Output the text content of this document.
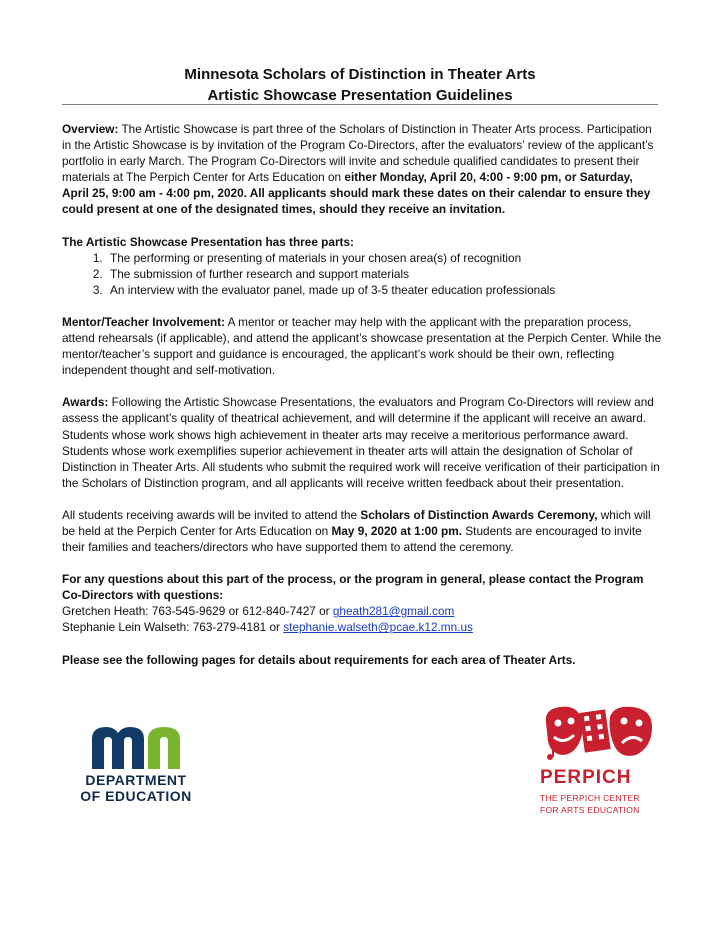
Minnesota Scholars of Distinction in Theater Arts

Artistic Showcase Presentation Guidelines

Overview: The Artistic Showcase is part three of the Scholars of Distinction in Theater Arts process. Participation in the Artistic Showcase is by invitation of the Program Co-Directors, after the evaluators’ review of the applicant’s portfolio in early March. The Program Co-Directors will invite and schedule qualified candidates to present their materials at The Perpich Center for Arts Education on either Monday, April 20, 4:00 - 9:00 pm, or Saturday, April 25, 9:00 am - 4:00 pm, 2020. All applicants should mark these dates on their calendar to ensure they could present at one of the designated times, should they receive an invitation.

The Artistic Showcase Presentation has three parts:

1. The performing or presenting of materials in your chosen area(s) of recognition
2. The submission of further research and support materials
3. An interview with the evaluator panel, made up of 3-5 theater education professionals

Mentor/Teacher Involvement: A mentor or teacher may help with the applicant with the preparation process, attend rehearsals (if applicable), and attend the applicant’s showcase presentation at the Perpich Center. While the mentor/teacher’s support and guidance is encouraged, the applicant’s work should be their own, reflecting independent thought and self-motivation.

Awards: Following the Artistic Showcase Presentations, the evaluators and Program Co-Directors will review and assess the applicant’s quality of theatrical achievement, and will determine if the applicant will receive an award. Students whose work shows high achievement in theater arts may receive a meritorious performance award. Students whose work exemplifies superior achievement in theater arts will attain the designation of Scholar of Distinction in Theater Arts. All students who submit the required work will receive verification of their participation in the Scholars of Distinction program, and all applicants will receive written feedback about their presentation.

All students receiving awards will be invited to attend the Scholars of Distinction Awards Ceremony, which will be held at the Perpich Center for Arts Education on May 9, 2020 at 1:00 pm. Students are encouraged to invite their families and teachers/directors who have supported them to attend the ceremony.

For any questions about this part of the process, or the program in general, please contact the Program Co-Directors with questions:

Gretchen Heath: 763-545-9629 or 612-840-7427 or gheath281@gmail.com

Stephanie Lein Walseth: 763-279-4181 or stephanie.walseth@pcae.k12.mn.us

Please see the following pages for details about requirements for each area of Theater Arts.

DEPARTMENT
OF EDUCATION
PERPICH
THE PERPICH CENTER
FOR ARTS EDUCATION
